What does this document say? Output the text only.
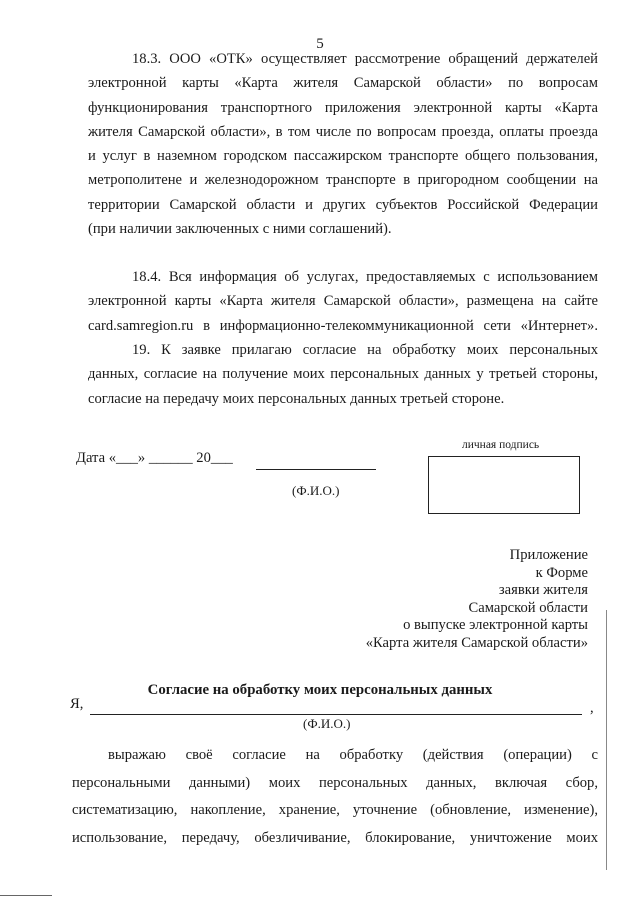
5
18.3. ООО «ОТК» осуществляет рассмотрение обращений держателей
электронной карты «Карта жителя Самарской области» по вопросам
функционирования транспортного приложения электронной карты «Карта
жителя Самарской области», в том числе по вопросам проезда, оплаты проезда
и услуг в наземном городском пассажирском транспорте общего пользования,
метрополитене и железнодорожном транспорте в пригородном сообщении на
территории Самарской области и других субъектов Российской Федерации
(при наличии заключенных с ними соглашений).
18.4. Вся информация об услугах, предоставляемых с использованием
электронной карты «Карта жителя Самарской области», размещена на сайте
card.samregion.ru в информационно-телекоммуникационной сети «Интернет».
19. К заявке прилагаю согласие на обработку моих персональных
данных, согласие на получение моих персональных данных у третьей стороны,
согласие на передачу моих персональных данных третьей стороне.
личная подпись
Дата «___» ______ 20___
(Ф.И.О.)
Приложение
к Форме
заявки жителя
Самарской области
о выпуске электронной карты
«Карта жителя Самарской области»
Согласие на обработку моих персональных данных
Я,	,
(Ф.И.О.)
выражаю своё согласие на обработку (действия (операции) с
персональными данными) моих персональных данных, включая сбор,
систематизацию, накопление, хранение, уточнение (обновление, изменение),
использование, передачу, обезличивание, блокирование, уничтожение моих
